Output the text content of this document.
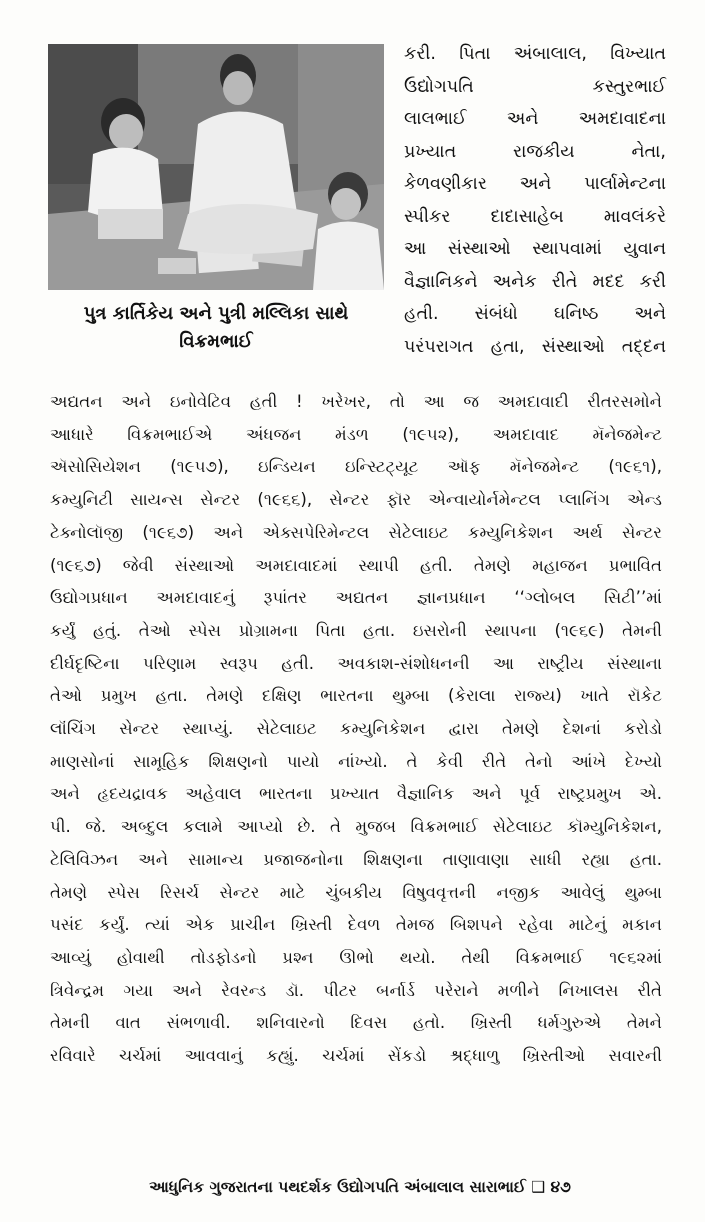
પુત્ર કાર્તિકેય અને પુત્રી મલ્લિકા સાથે
વિક્રમભાઈ
કરી. પિતા અંબાલાલ, વિખ્યાત
ઉદ્યોગપતિ કસ્તુરભાઈ
લાલભાઈ અને અમદાવાદના
પ્રખ્યાત રાજકીય નેતા,
કેળવણીકાર અને પાર્લામેન્ટના
સ્પીકર દાદાસાહેબ માવલંકરે
આ સંસ્થાઓ સ્થાપવામાં યુવાન
વૈજ્ઞાનિકને અનેક રીતે મદદ કરી
હતી. સંબંધો ઘનિષ્ઠ અને
પરંપરાગત હતા, સંસ્થાઓ તદ્દન
અદ્યતન અને ઇનોવેટિવ હતી ! ખરેખર, તો આ જ અમદાવાદી રીતરસમોને
આધારે વિક્રમભાઈએ અંધજન મંડળ (૧૯૫૨), અમદાવાદ મૅનેજમેન્ટ
ઍસોસિયેશન (૧૯૫૭), ઇન્ડિયન ઇન્સ્ટિટ્યૂટ ઑફ મૅનેજમેન્ટ (૧૯૬૧),
કમ્યુનિટી સાયન્સ સેન્ટર (૧૯૬૬), સેન્ટર ફૉર એન્વાયોર્નમેન્ટલ પ્લાનિંગ એન્ડ
ટેક્નોલૉજી (૧૯૬૭) અને એક્સપેરિમેન્ટલ સેટેલાઇટ કમ્યુનિકેશન અર્થ સેન્ટર
(૧૯૬૭) જેવી સંસ્થાઓ અમદાવાદમાં સ્થાપી હતી. તેમણે મહાજન પ્રભાવિત
ઉદ્યોગપ્રધાન અમદાવાદનું રૂપાંતર અદ્યતન જ્ઞાનપ્રધાન ‘‘ગ્લોબલ સિટી’’માં
કર્યું હતું. તેઓ સ્પેસ પ્રોગ્રામના પિતા હતા. ઇસરોની સ્થાપના (૧૯૬૯) તેમની
દીર્ઘદૃષ્ટિના પરિણામ સ્વરૂપ હતી. અવકાશ-સંશોધનની આ રાષ્ટ્રીય સંસ્થાના
તેઓ પ્રમુખ હતા. તેમણે દક્ષિણ ભારતના થુમ્બા (કેરાલા રાજ્ય) ખાતે રૉકેટ
લૉંચિંગ સેન્ટર સ્થાપ્યું. સેટેલાઇટ કમ્યુનિકેશન દ્વારા તેમણે દેશનાં કરોડો
માણસોનાં સામૂહિક શિક્ષણનો પાયો નાંખ્યો. તે કેવી રીતે તેનો આંખે દેખ્યો
અને હૃદયદ્રાવક અહેવાલ ભારતના પ્રખ્યાત વૈજ્ઞાનિક અને પૂર્વ રાષ્ટ્રપ્રમુખ એ.
પી. જે. અબ્દુલ કલામે આપ્યો છે. તે મુજબ વિક્રમભાઈ સેટેલાઇટ કૉમ્યુનિકેશન,
ટેલિવિઝન અને સામાન્ય પ્રજાજનોના શિક્ષણના તાણાવાણા સાધી રહ્યા હતા.
તેમણે સ્પેસ રિસર્ચ સેન્ટર માટે ચુંબકીય વિષુવવૃત્તની નજીક આવેલું થુમ્બા
પસંદ કર્યું. ત્યાં એક પ્રાચીન ખ્રિસ્તી દેવળ તેમજ બિશપને રહેવા માટેનું મકાન
આવ્યું હોવાથી તોડફોડનો પ્રશ્ન ઊભો થયો. તેથી વિક્રમભાઈ ૧૯૬૨માં
ત્રિવેન્દ્રમ ગયા અને રેવરન્ડ ડૉ. પીટર બર્નાર્ડ પરેરાને મળીને નિખાલસ રીતે
તેમની વાત સંભળાવી. શનિવારનો દિવસ હતો. ખ્રિસ્તી ધર્મગુરુએ તેમને
રવિવારે ચર્ચમાં આવવાનું કહ્યું. ચર્ચમાં સેંકડો શ્રદ્ધાળુ ખ્રિસ્તીઓ સવારની
આધુનિક ગુજરાતના પથદર્શક ઉદ્યોગપતિ અંબાલાલ સારાભાઈ ❑ ૪૭
